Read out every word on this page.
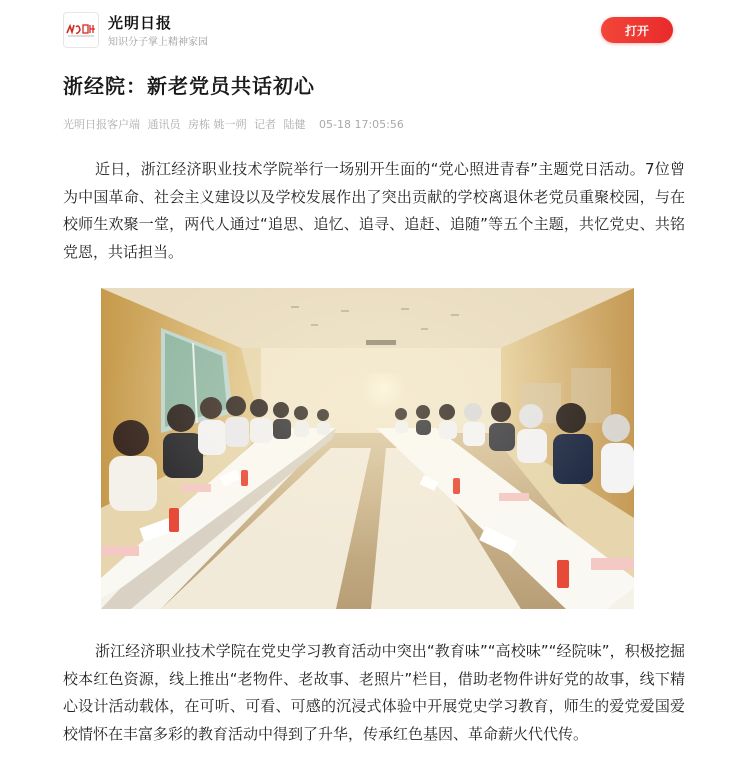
光明日报
知识分子掌上精神家园
打开
浙经院：新老党员共话初心
光明日报客户端 通讯员 房栋 姚一朔 记者 陆健 05-18 17:05:56

近日，浙江经济职业技术学院举行一场别开生面的“党心照进青春”主题党日活动。7位曾为中国革命、社会主义建设以及学校发展作出了突出贡献的学校离退休老党员重聚校园，与在校师生欢聚一堂，两代人通过“追思、追忆、追寻、追赶、追随”等五个主题，共忆党史、共铭党恩，共话担当。

浙江经济职业技术学院在党史学习教育活动中突出“教育味”“高校味”“经院味”，积极挖掘校本红色资源，线上推出“老物件、老故事、老照片”栏目，借助老物件讲好党的故事，线下精心设计活动载体，在可听、可看、可感的沉浸式体验中开展党史学习教育，师生的爱党爱国爱校情怀在丰富多彩的教育活动中得到了升华，传承红色基因、革命薪火代代传。
